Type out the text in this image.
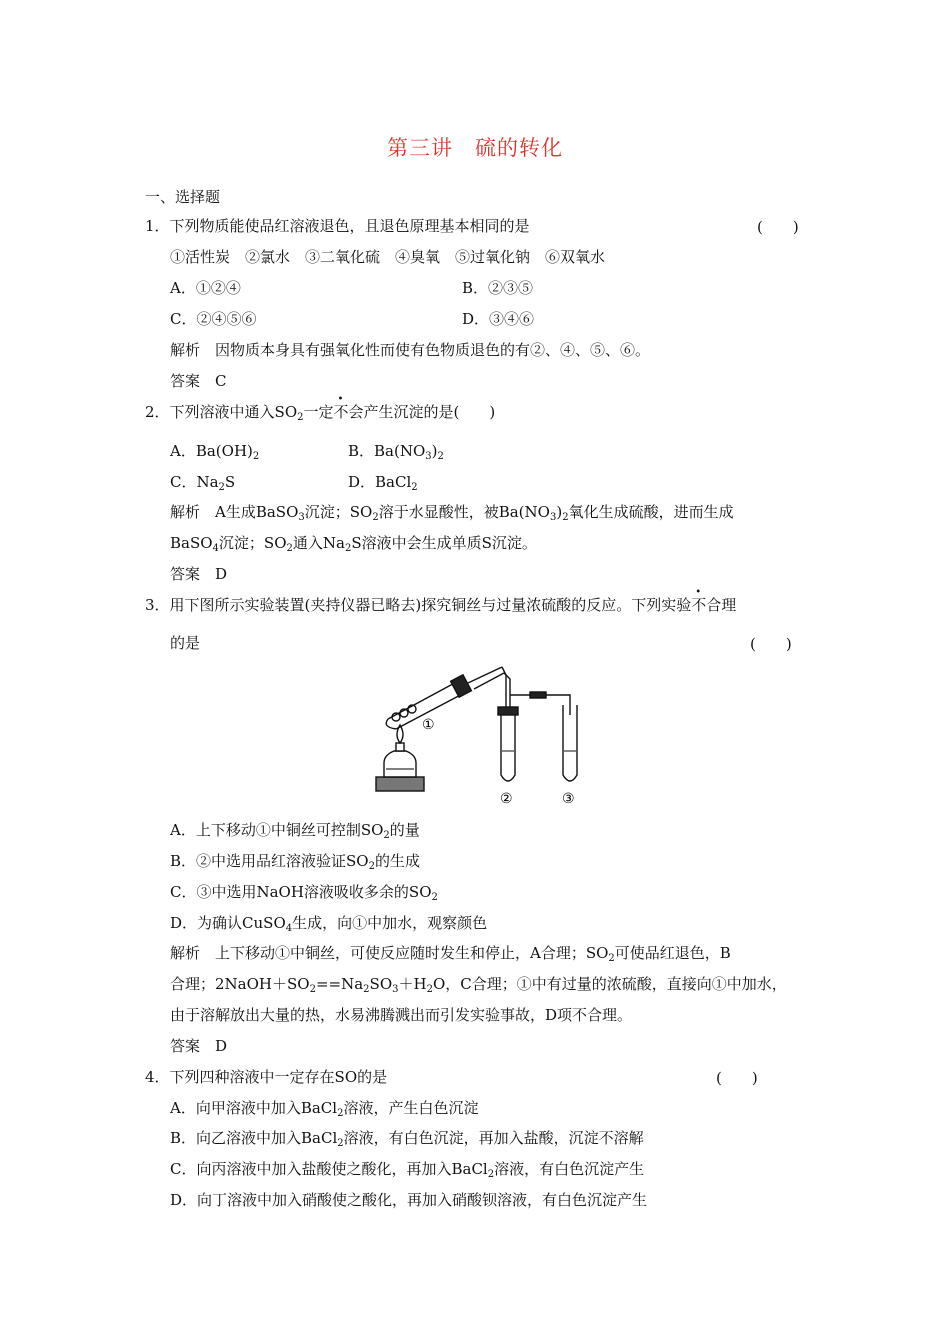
第三讲　硫的转化
一、选择题
1．下列物质能使品红溶液退色，且退色原理基本相同的是	(　　)
①活性炭　②氯水　③二氧化硫　④臭氧　⑤过氧化钠　⑥双氧水
A．①②④	B．②③⑤
C．②④⑤⑥	D．③④⑥
解析　因物质本身具有强氧化性而使有色物质退色的有②、④、⑤、⑥。
答案　C
2．下列溶液中通入$SO_2$一定不会产生沉淀的是(　　)
A．$Ba(OH)_2$	B．$Ba(NO_3)_2$
C．$Na_2S$	D．BaCl$_2$
解析　A生成BaSO$_3$沉淀；$SO_2$溶于水显酸性，被$Ba(NO_3)_2$氧化生成硫酸，进而生成
BaSO$_4$沉淀；$SO_2$通入$Na_2S$溶液中会生成单质S沉淀。
答案　D
3．用下图所示实验装置(夹持仪器已略去)探究铜丝与过量浓硫酸的反应。下列实验不合理
的是	(　　)
①
②	③
A．上下移动①中铜丝可控制$SO_2$的量
B．②中选用品红溶液验证$SO_2$的生成
C．③中选用NaOH溶液吸收多余的$SO_2$
D．为确认CuSO$_4$生成，向①中加水，观察颜色
解析　上下移动①中铜丝，可使反应随时发生和停止，A合理；$SO_2$可使品红退色，B
合理；$2NaOH+SO_2==Na_2SO_3+H_2O$，C合理；①中有过量的浓硫酸，直接向①中加水，
由于溶解放出大量的热，水易沸腾溅出而引发实验事故，D项不合理。
答案　D
4．下列四种溶液中一定存在SO的是	(　　)
A．向甲溶液中加入BaCl$_2$溶液，产生白色沉淀
B．向乙溶液中加入BaCl$_2$溶液，有白色沉淀，再加入盐酸，沉淀不溶解
C．向丙溶液中加入盐酸使之酸化，再加入BaCl$_2$溶液，有白色沉淀产生
D．向丁溶液中加入硝酸使之酸化，再加入硝酸钡溶液，有白色沉淀产生
